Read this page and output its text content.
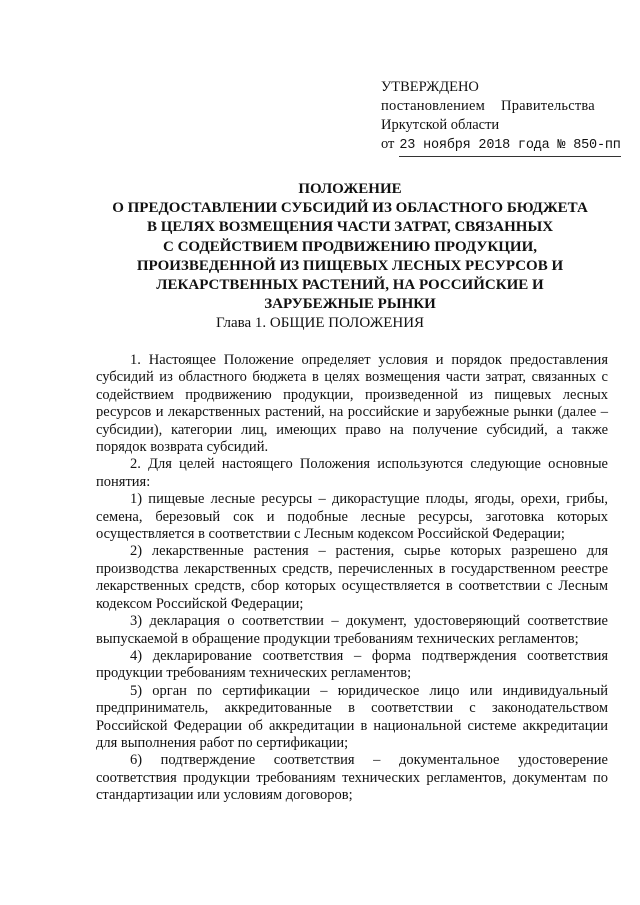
УТВЕРЖДЕНО
постановлением Правительства
Иркутской области
от 23 ноября 2018 года № 850-пп
ПОЛОЖЕНИЕ
О ПРЕДОСТАВЛЕНИИ СУБСИДИЙ ИЗ ОБЛАСТНОГО БЮДЖЕТА
В ЦЕЛЯХ ВОЗМЕЩЕНИЯ ЧАСТИ ЗАТРАТ, СВЯЗАННЫХ
С СОДЕЙСТВИЕМ ПРОДВИЖЕНИЮ ПРОДУКЦИИ,
ПРОИЗВЕДЕННОЙ ИЗ ПИЩЕВЫХ ЛЕСНЫХ РЕСУРСОВ И
ЛЕКАРСТВЕННЫХ РАСТЕНИЙ, НА РОССИЙСКИЕ И
ЗАРУБЕЖНЫЕ РЫНКИ
Глава 1. ОБЩИЕ ПОЛОЖЕНИЯ

1. Настоящее Положение определяет условия и порядок предоставления субсидий из областного бюджета в целях возмещения части затрат, связанных с содействием продвижению продукции, произведенной из пищевых лесных ресурсов и лекарственных растений, на российские и зарубежные рынки (далее – субсидии), категории лиц, имеющих право на получение субсидий, а также порядок возврата субсидий.

2. Для целей настоящего Положения используются следующие основные понятия:

1) пищевые лесные ресурсы – дикорастущие плоды, ягоды, орехи, грибы, семена, березовый сок и подобные лесные ресурсы, заготовка которых осуществляется в соответствии с Лесным кодексом Российской Федерации;

2) лекарственные растения – растения, сырье которых разрешено для производства лекарственных средств, перечисленных в государственном реестре лекарственных средств, сбор которых осуществляется в соответствии с Лесным кодексом Российской Федерации;

3) декларация о соответствии – документ, удостоверяющий соответствие выпускаемой в обращение продукции требованиям технических регламентов;

4) декларирование соответствия – форма подтверждения соответствия продукции требованиям технических регламентов;

5) орган по сертификации – юридическое лицо или индивидуальный предприниматель, аккредитованные в соответствии с законодательством Российской Федерации об аккредитации в национальной системе аккредитации для выполнения работ по сертификации;

6) подтверждение соответствия – документальное удостоверение соответствия продукции требованиям технических регламентов, документам по стандартизации или условиям договоров;
